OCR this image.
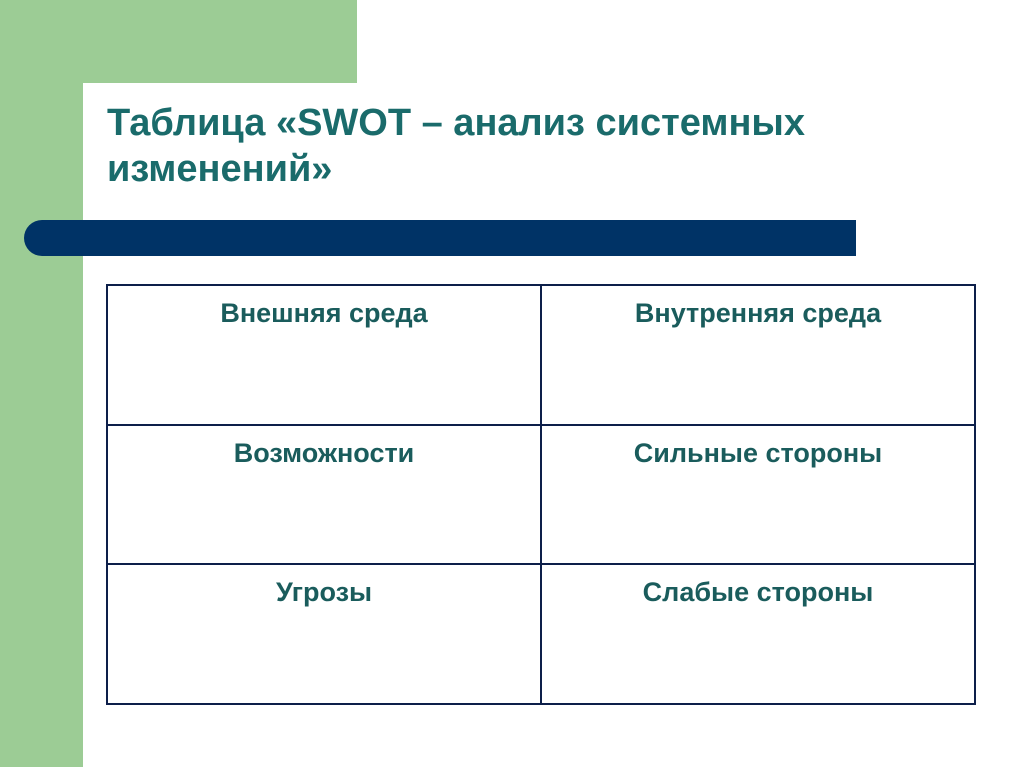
Таблица «SWOT – анализ системных изменений»
Внешняя среда	Внутренняя среда
Возможности	Сильные стороны
Угрозы	Слабые стороны
